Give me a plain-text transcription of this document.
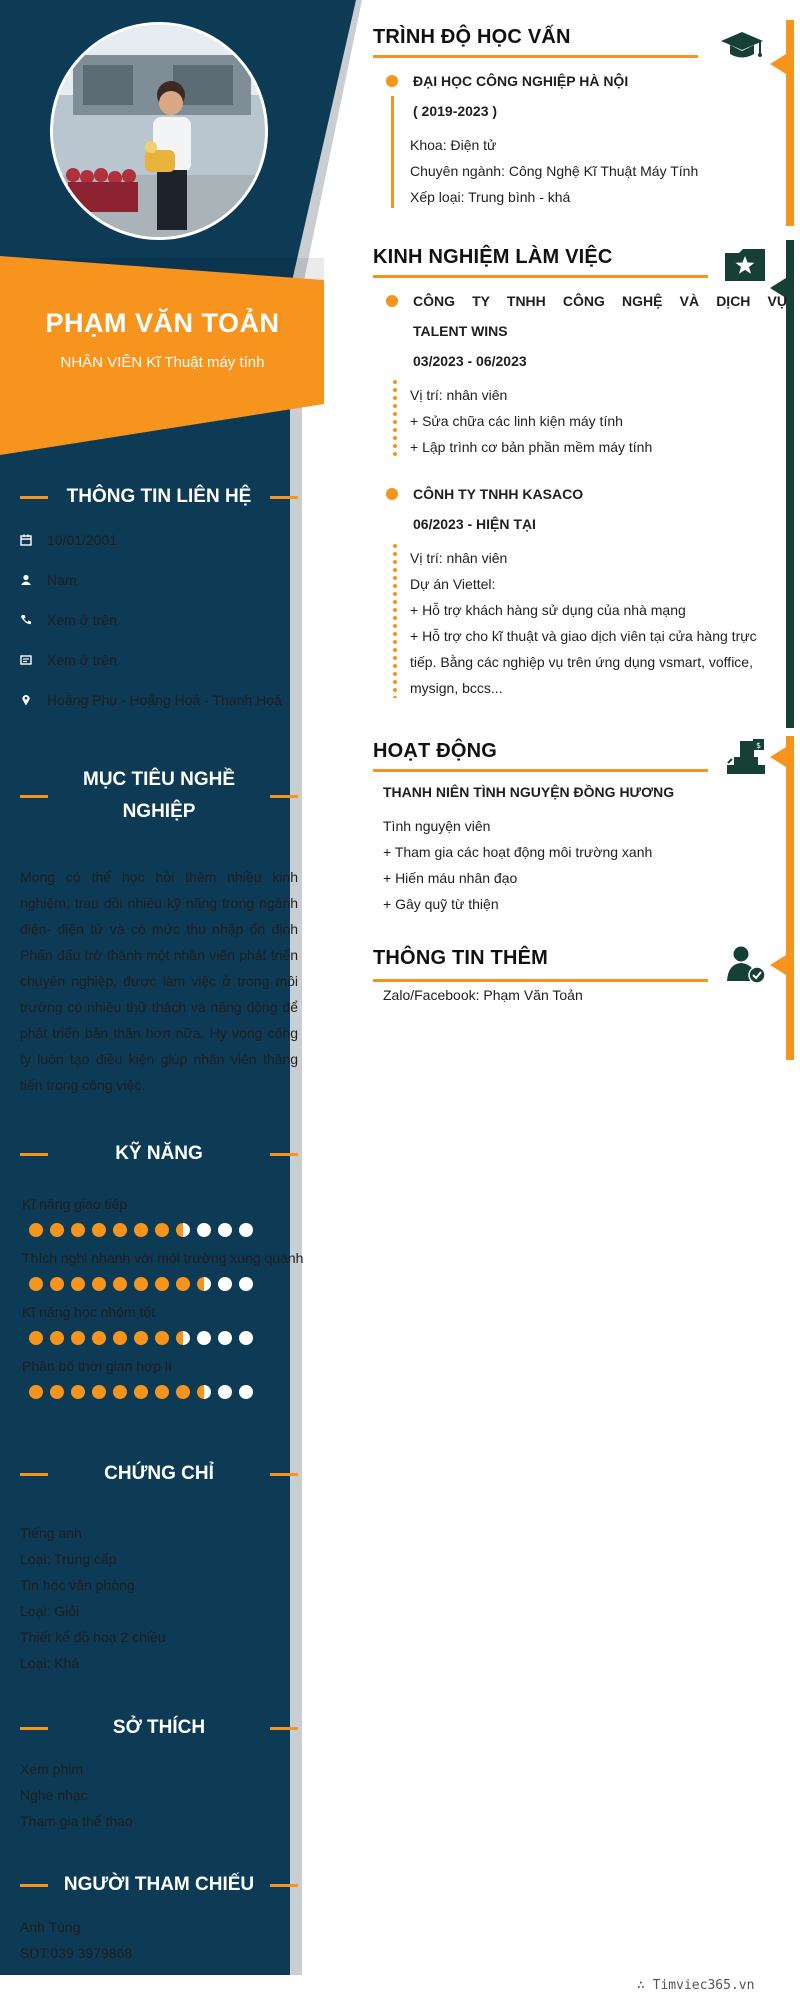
PHẠM VĂN TOẢN
NHÂN VIÊN Kĩ Thuật máy tính
THÔNG TIN LIÊN HỆ
10/01/2001
Nam
Xem ở trên
Xem ở trên
Hoằng Phụ - Hoằng Hoá - Thanh Hoá
MỤC TIÊU NGHỀ NGHIỆP
Mong có thể học hỏi thêm nhiều kinh nghiệm, trau dồi nhiều kỹ năng trong ngành điện- điện tử và có mức thu nhập ổn định Phấn đấu trở thành một nhân viên phát triển chuyên nghiệp, được làm việc ở trong môi trường có nhiều thử thách và năng động để phát triển bản thân hơn nữa. Hy vọng công ty luôn tạo điều kiện giúp nhân viên thăng tiến trong công việc.
KỸ NĂNG
Kĩ năng giao tiếp
Thích nghi nhanh với môi trường xung quanh
Kĩ năng học nhóm tốt
Phân bổ thời gian hợp lí
CHỨNG CHỈ
Tiếng anh
Loại: Trung cấp
Tin học văn phòng
Loại: Giỏi
Thiết kế đồ hoạ 2 chiều
Loại: Khá
SỞ THÍCH
Xem phim
Nghe nhạc
Tham gia thể thao
NGƯỜI THAM CHIẾU
Anh Tùng
SDT:039 3979868
TRÌNH ĐỘ HỌC VẤN
ĐẠI HỌC CÔNG NGHIỆP HÀ NỘI
( 2019-2023 )
Khoa: Điện tử
Chuyên ngành: Công Nghệ Kĩ Thuật Máy Tính
Xếp loại: Trung bình - khá
KINH NGHIỆM LÀM VIỆC
CÔNG TY TNHH CÔNG NGHỆ VÀ DỊCH VỤ
TALENT WINS
03/2023 - 06/2023
Vị trí: nhân viên
+ Sửa chữa các linh kiện máy tính
+ Lập trình cơ bản phần mềm máy tính
CÔNH TY TNHH KASACO
06/2023 - HIỆN TẠI
Vị trí: nhân viên
Dự án Viettel:
+ Hỗ trợ khách hàng sử dụng của nhà mạng
+ Hỗ trợ cho kĩ thuật và giao dịch viên tại cửa hàng trực
tiếp. Bằng các nghiệp vụ trên ứng dụng vsmart, voffice,
mysign, bccs...
HOẠT ĐỘNG	$
THANH NIÊN TÌNH NGUYỆN ĐỒNG HƯƠNG
Tình nguyện viên
+ Tham gia các hoạt động môi trường xanh
+ Hiến máu nhân đạo
+ Gây quỹ từ thiện
THÔNG TIN THÊM
Zalo/Facebook: Phạm Văn Toản
∴ Timviec365.vn
